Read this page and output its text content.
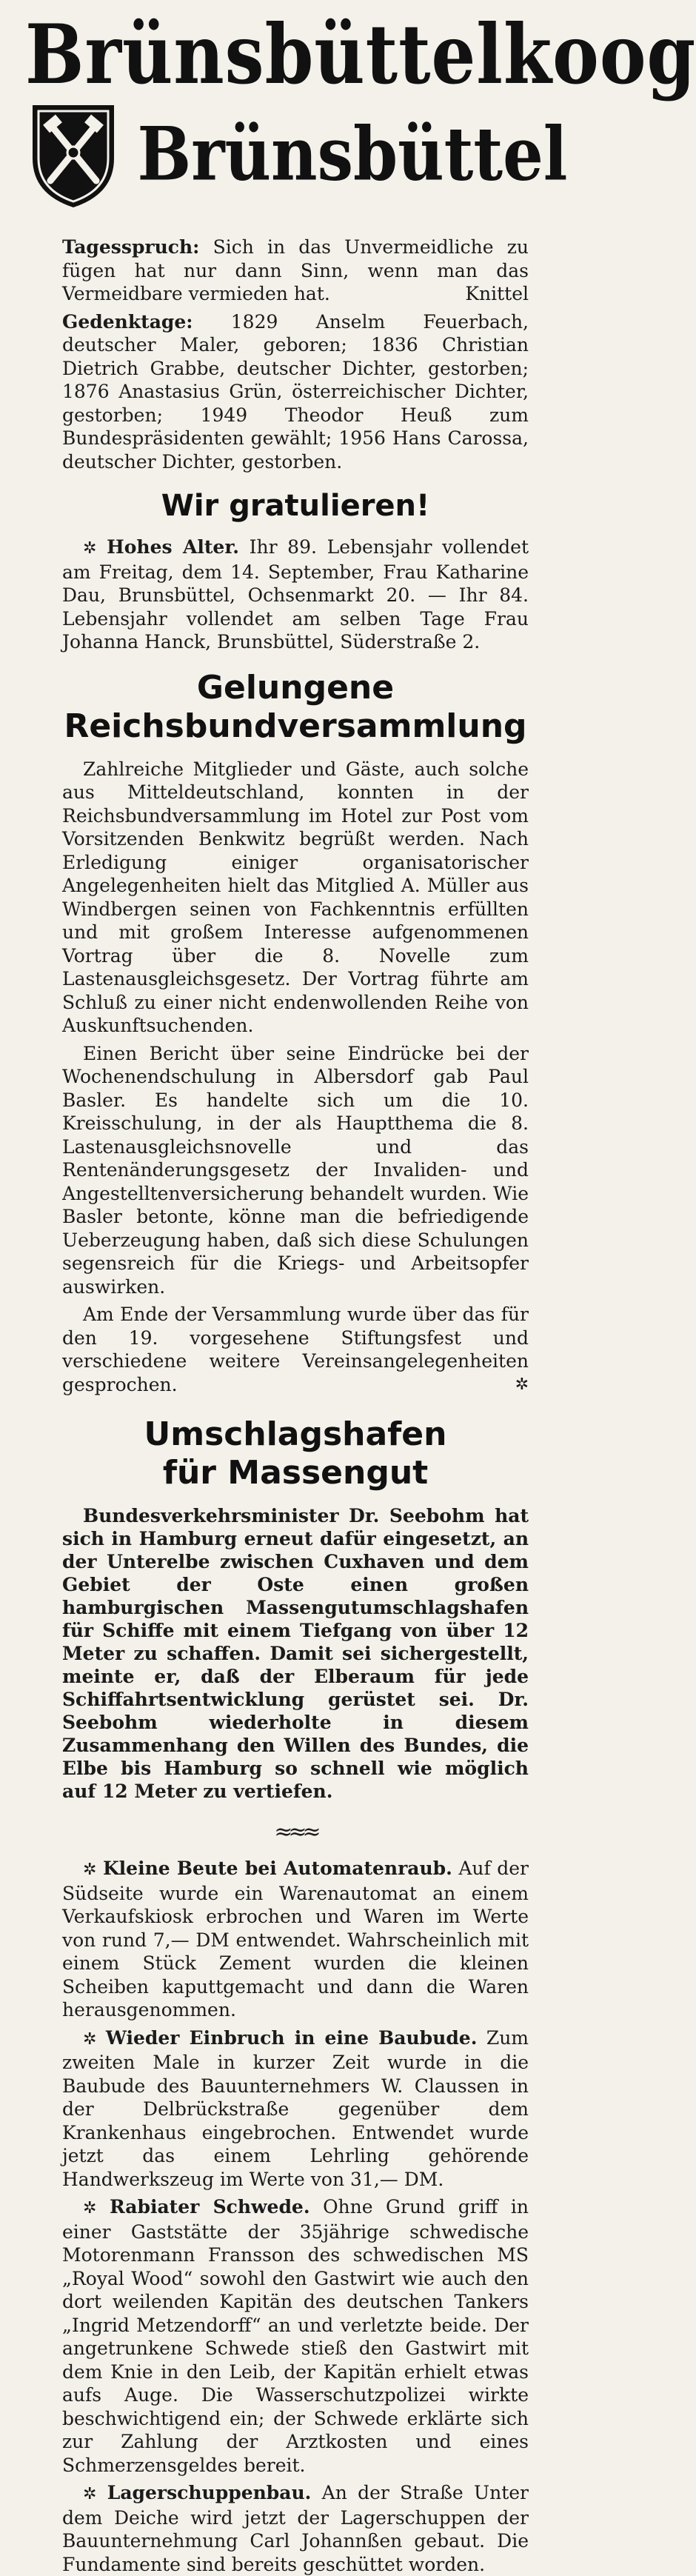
Brünsbüttelkoog
Brünsbüttel

Tagesspruch: Sich in das Unvermeidliche zu fügen hat nur dann Sinn, wenn man das Vermeidbare vermieden hat.	Knittel

Gedenktage: 1829 Anselm Feuerbach, deutscher Maler, geboren; 1836 Christian Dietrich Grabbe, deutscher Dichter, gestorben; 1876 Anastasius Grün, österreichischer Dichter, gestorben; 1949 Theodor Heuß zum Bundespräsidenten gewählt; 1956 Hans Carossa, deutscher Dichter, gestorben.

Wir gratulieren!

✲ Hohes Alter. Ihr 89. Lebensjahr vollendet am Freitag, dem 14. September, Frau Katharine Dau, Brunsbüttel, Ochsenmarkt 20. — Ihr 84. Lebensjahr vollendet am selben Tage Frau Johanna Hanck, Brunsbüttel, Süderstraße 2.

Gelungene
Reichsbundversammlung

Zahlreiche Mitglieder und Gäste, auch solche aus Mitteldeutschland, konnten in der Reichsbundversammlung im Hotel zur Post vom Vorsitzenden Benkwitz begrüßt werden. Nach Erledigung einiger organisatorischer Angelegenheiten hielt das Mitglied A. Müller aus Windbergen seinen von Fachkenntnis erfüllten und mit großem Interesse aufgenommenen Vortrag über die 8. Novelle zum Lastenausgleichsgesetz. Der Vortrag führte am Schluß zu einer nicht endenwollenden Reihe von Auskunftsuchenden.

Einen Bericht über seine Eindrücke bei der Wochenendschulung in Albersdorf gab Paul Basler. Es handelte sich um die 10. Kreisschulung, in der als Hauptthema die 8. Lastenausgleichsnovelle und das Rentenänderungsgesetz der Invaliden- und Angestelltenversicherung behandelt wurden. Wie Basler betonte, könne man die befriedigende Ueberzeugung haben, daß sich diese Schulungen segensreich für die Kriegs- und Arbeitsopfer auswirken.

Am Ende der Versammlung wurde über das für den 19. vorgesehene Stiftungsfest und verschiedene weitere Vereinsangelegenheiten gesprochen.	✲

Umschlagshafen
für Massengut

Bundesverkehrsminister Dr. Seebohm hat sich in Hamburg erneut dafür eingesetzt, an der Unterelbe zwischen Cuxhaven und dem Gebiet der Oste einen großen hamburgischen Massengutumschlagshafen für Schiffe mit einem Tiefgang von über 12 Meter zu schaffen. Damit sei sichergestellt, meinte er, daß der Elberaum für jede Schiffahrtsentwicklung gerüstet sei. Dr. Seebohm wiederholte in diesem Zusammenhang den Willen des Bundes, die Elbe bis Hamburg so schnell wie möglich auf 12 Meter zu vertiefen.

≈≈≈

✲ Kleine Beute bei Automatenraub. Auf der Südseite wurde ein Warenautomat an einem Verkaufskiosk erbrochen und Waren im Werte von rund 7,— DM entwendet. Wahrscheinlich mit einem Stück Zement wurden die kleinen Scheiben kaputtgemacht und dann die Waren herausgenommen.

✲ Wieder Einbruch in eine Baubude. Zum zweiten Male in kurzer Zeit wurde in die Baubude des Bauunternehmers W. Claussen in der Delbrückstraße gegenüber dem Krankenhaus eingebrochen. Entwendet wurde jetzt das einem Lehrling gehörende Handwerkszeug im Werte von 31,— DM.

✲ Rabiater Schwede. Ohne Grund griff in einer Gaststätte der 35jährige schwedische Motorenmann Fransson des schwedischen MS „Royal Wood“ sowohl den Gastwirt wie auch den dort weilenden Kapitän des deutschen Tankers „Ingrid Metzendorff“ an und verletzte beide. Der angetrunkene Schwede stieß den Gastwirt mit dem Knie in den Leib, der Kapitän erhielt etwas aufs Auge. Die Wasserschutzpolizei wirkte beschwichtigend ein; der Schwede erklärte sich zur Zahlung der Arztkosten und eines Schmerzensgeldes bereit.

✲ Lagerschuppenbau. An der Straße Unter dem Deiche wird jetzt der Lagerschuppen der Bauunternehmung Carl Johannßen gebaut. Die Fundamente sind bereits geschüttet worden.
